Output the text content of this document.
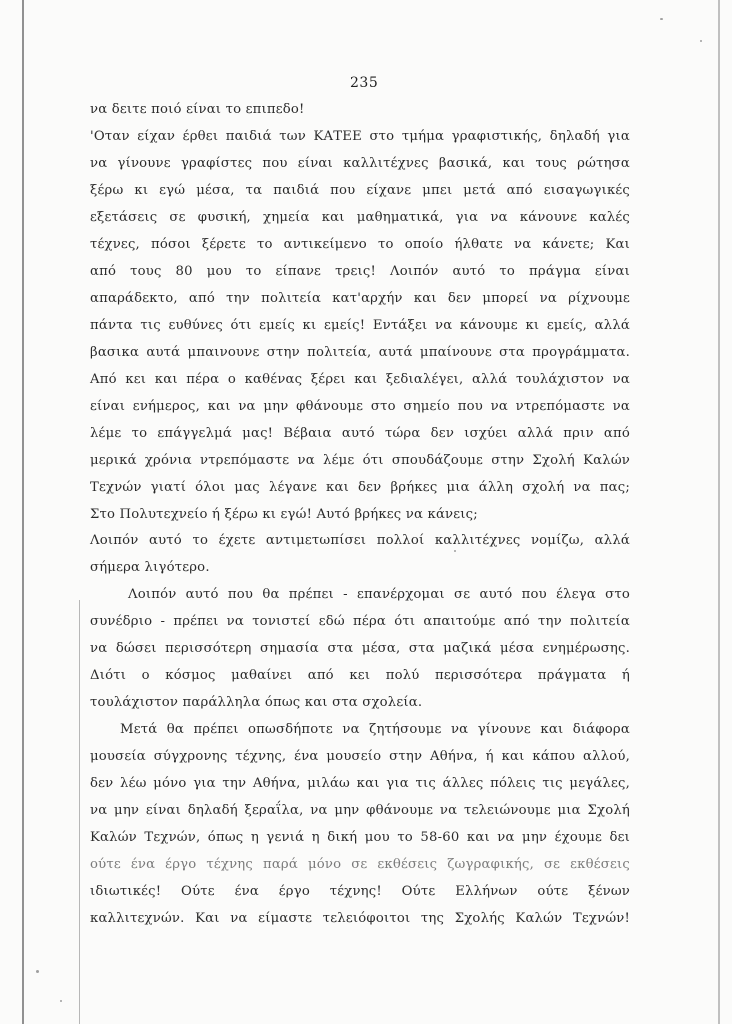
235
να δειτε ποιό είναι το επιπεδο!
'Οταν είχαν έρθει παιδιά των ΚΑΤΕΕ στο τμήμα γραφιστικής, δηλαδή για
να γίνουνε γραφίστες που είναι καλλιτέχνες βασικά, και τους ρώτησα
ξέρω κι εγώ μέσα, τα παιδιά που είχανε μπει μετά από εισαγωγικές
εξετάσεις σε φυσική, χημεία και μαθηματικά, για να κάνουνε καλές
τέχνες, πόσοι ξέρετε το αντικείμενο το οποίο ήλθατε να κάνετε; Και
από τους 80 μου το είπανε τρεις! Λοιπόν αυτό το πράγμα είναι
απαράδεκτο, από την πολιτεία κατ'αρχήν και δεν μπορεί να ρίχνουμε
πάντα τις ευθύνες ότι εμείς κι εμείς! Εντάξει να κάνουμε κι εμείς, αλλά
βασικα αυτά μπαινουνε στην πολιτεία, αυτά μπαίνουνε στα προγράμματα.
Από κει και πέρα ο καθένας ξέρει και ξεδιαλέγει, αλλά τουλάχιστον να
είναι ενήμερος, και να μην φθάνουμε στο σημείο που να ντρεπόμαστε να
λέμε το επάγγελμά μας! Βέβαια αυτό τώρα δεν ισχύει αλλά πριν από
μερικά χρόνια ντρεπόμαστε να λέμε ότι σπουδάζουμε στην Σχολή Καλών
Τεχνών γιατί όλοι μας λέγανε και δεν βρήκες μια άλλη σχολή να πας;
Στο Πολυτεχνείο ή ξέρω κι εγώ! Αυτό βρήκες να κάνεις;
Λοιπόν αυτό το έχετε αντιμετωπίσει πολλοί καλλιτέχνες νομίζω, αλλά
σήμερα λιγότερο.
Λοιπόν αυτό που θα πρέπει - επανέρχομαι σε αυτό που έλεγα στο
συνέδριο - πρέπει να τονιστεί εδώ πέρα ότι απαιτούμε από την πολιτεία
να δώσει περισσότερη σημασία στα μέσα, στα μαζικά μέσα ενημέρωσης.
Διότι ο κόσμος μαθαίνει από κει πολύ περισσότερα πράγματα ή
τουλάχιστον παράλληλα όπως και στα σχολεία.
Μετά θα πρέπει οπωσδήποτε να ζητήσουμε να γίνουνε και διάφορα
μουσεία σύγχρονης τέχνης, ένα μουσείο στην Αθήνα, ή και κάπου αλλού,
δεν λέω μόνο για την Αθήνα, μιλάω και για τις άλλες πόλεις τις μεγάλες,
να μην είναι δηλαδή ξεραΐλα, να μην φθάνουμε να τελειώνουμε μια Σχολή
Καλών Τεχνών, όπως η γενιά η δική μου το 58-60 και να μην έχουμε δει
ούτε ένα έργο τέχνης παρά μόνο σε εκθέσεις ζωγραφικής, σε εκθέσεις
ιδιωτικές! Ούτε ένα έργο τέχνης! Ούτε Ελλήνων ούτε ξένων
καλλιτεχνών. Και να είμαστε τελειόφοιτοι της Σχολής Καλών Τεχνών!
